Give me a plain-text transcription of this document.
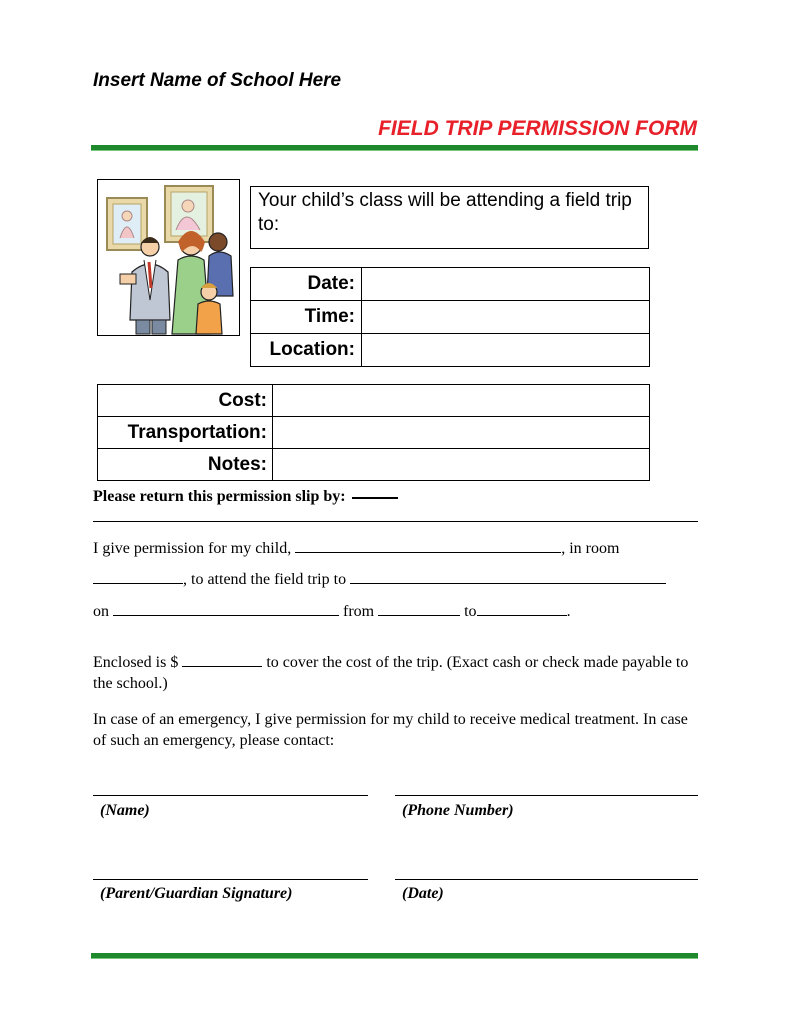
Insert Name of School Here
FIELD TRIP PERMISSION FORM
Your child’s class will be attending a field trip to:
Date:	
Time:	
Location:	
Cost:	
Transportation:	
Notes:	
Please return this permission slip by:
I give permission for my child,	, in room
, to attend the field trip to
on	from	to	.
Enclosed is $	to cover the cost of the trip. (Exact cash or check made payable to the school.)
In case of an emergency, I give permission for my child to receive medical treatment. In case of such an emergency, please contact:
(Name)	(Phone Number)
(Parent/Guardian Signature)	(Date)
